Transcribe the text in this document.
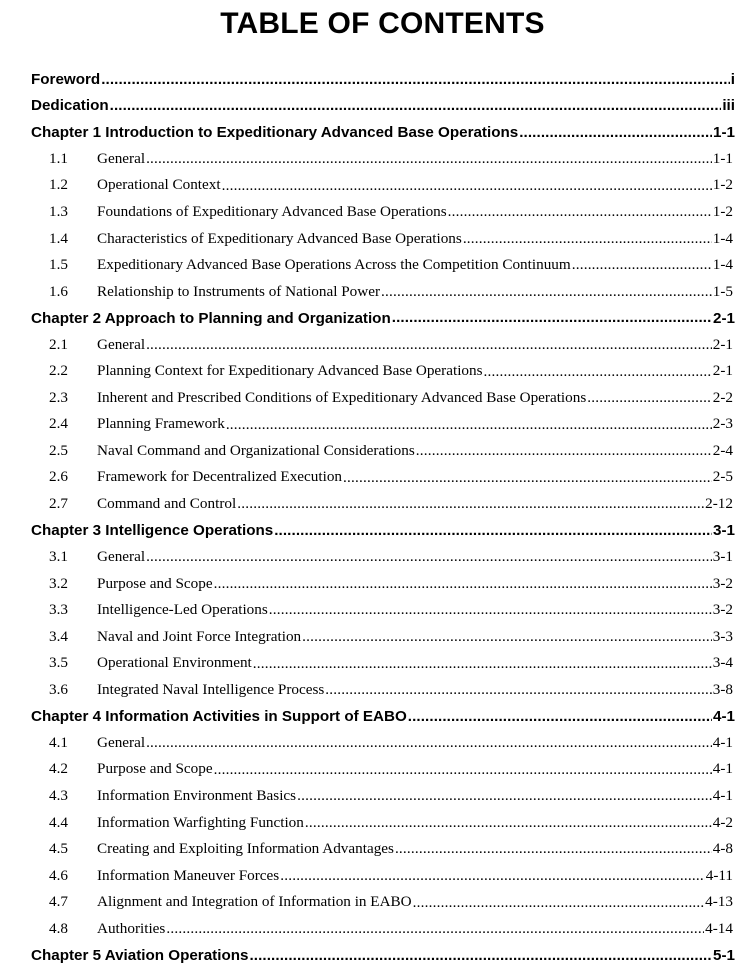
TABLE OF CONTENTS
Foreword .....	i
Dedication .....	iii
Chapter 1 Introduction to Expeditionary Advanced Base Operations .....	1-1
1.1	General .....	1-1
1.2	Operational Context .....	1-2
1.3	Foundations of Expeditionary Advanced Base Operations .....	1-2
1.4	Characteristics of Expeditionary Advanced Base Operations .....	1-4
1.5	Expeditionary Advanced Base Operations Across the Competition Continuum .....	1-4
1.6	Relationship to Instruments of National Power .....	1-5
Chapter 2 Approach to Planning and Organization .....	2-1
2.1	General .....	2-1
2.2	Planning Context for Expeditionary Advanced Base Operations .....	2-1
2.3	Inherent and Prescribed Conditions of Expeditionary Advanced Base Operations .....	2-2
2.4	Planning Framework .....	2-3
2.5	Naval Command and Organizational Considerations .....	2-4
2.6	Framework for Decentralized Execution .....	2-5
2.7	Command and Control .....	2-12
Chapter 3 Intelligence Operations .....	3-1
3.1	General .....	3-1
3.2	Purpose and Scope .....	3-2
3.3	Intelligence-Led Operations .....	3-2
3.4	Naval and Joint Force Integration .....	3-3
3.5	Operational Environment .....	3-4
3.6	Integrated Naval Intelligence Process .....	3-8
Chapter 4 Information Activities in Support of EABO .....	4-1
4.1	General .....	4-1
4.2	Purpose and Scope .....	4-1
4.3	Information Environment Basics .....	4-1
4.4	Information Warfighting Function .....	4-2
4.5	Creating and Exploiting Information Advantages .....	4-8
4.6	Information Maneuver Forces .....	4-11
4.7	Alignment and Integration of Information in EABO .....	4-13
4.8	Authorities .....	4-14
Chapter 5 Aviation Operations .....	5-1
